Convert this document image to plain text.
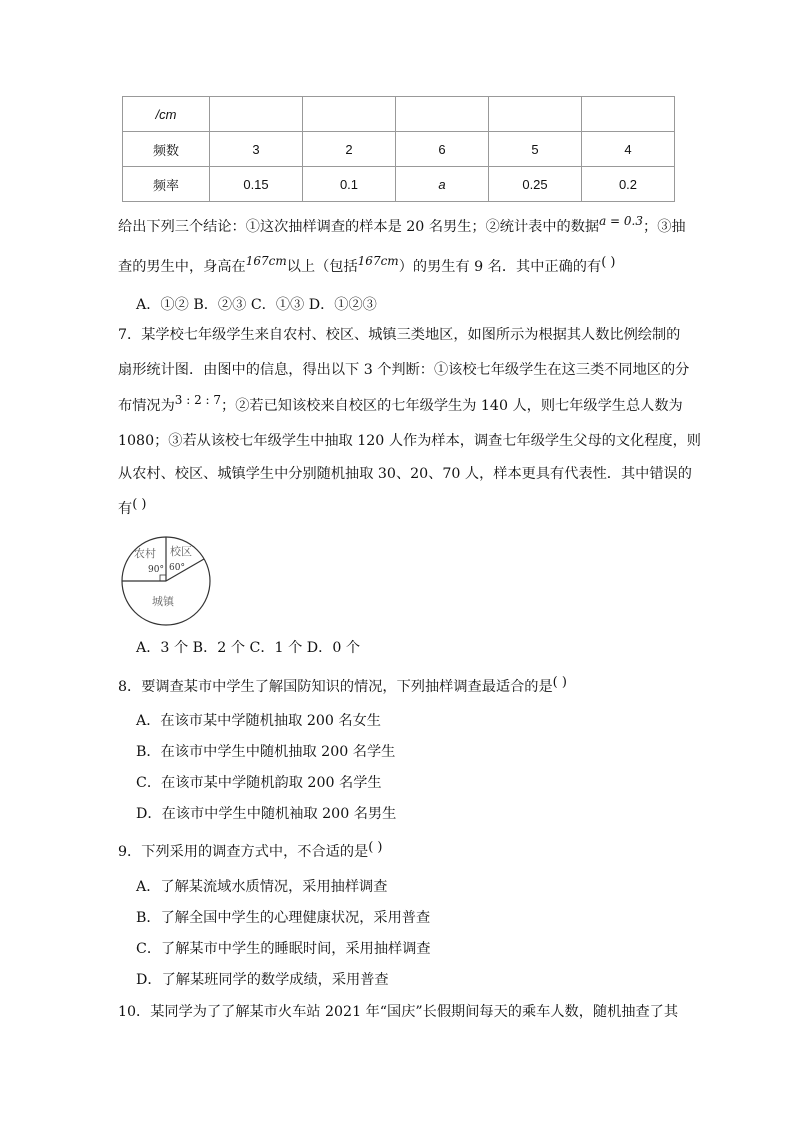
/cm					
频数	3	2	6	5	4
频率	0.15	0.1	a	0.25	0.2
给出下列三个结论：①这次抽样调查的样本是 20 名男生；②统计表中的数据$^{a = 0.3}$；③抽
查的男生中，身高在$^{167cm}$以上（包括$^{167cm}$）的男生有 9 名．其中正确的有( )
A．①② B．②③ C．①③ D．①②③
7．某学校七年级学生来自农村、校区、城镇三类地区，如图所示为根据其人数比例绘制的
扇形统计图．由图中的信息，得出以下 3 个判断：①该校七年级学生在这三类不同地区的分
布情况为$^{3 : 2 : 7}$；②若已知该校来自校区的七年级学生为 140 人，则七年级学生总人数为
1080；③若从该校七年级学生中抽取 120 人作为样本，调查七年级学生父母的文化程度，则
从农村、校区、城镇学生中分别随机抽取 30、20、70 人，样本更具有代表性．其中错误的
有( )
农村
90°
校区
60°
城镇
A．3 个 B．2 个 C．1 个 D．0 个
8．要调查某市中学生了解国防知识的情况，下列抽样调查最适合的是( )
A．在该市某中学随机抽取 200 名女生
B．在该市中学生中随机抽取 200 名学生
C．在该市某中学随机韵取 200 名学生
D．在该市中学生中随机袖取 200 名男生
9．下列采用的调查方式中，不合适的是( )
A．了解某流域水质情况，采用抽样调查
B．了解全国中学生的心理健康状况，采用普查
C．了解某市中学生的睡眠时间，采用抽样调查
D．了解某班同学的数学成绩，采用普查
10．某同学为了了解某市火车站 2021 年“国庆”长假期间每天的乘车人数，随机抽查了其
